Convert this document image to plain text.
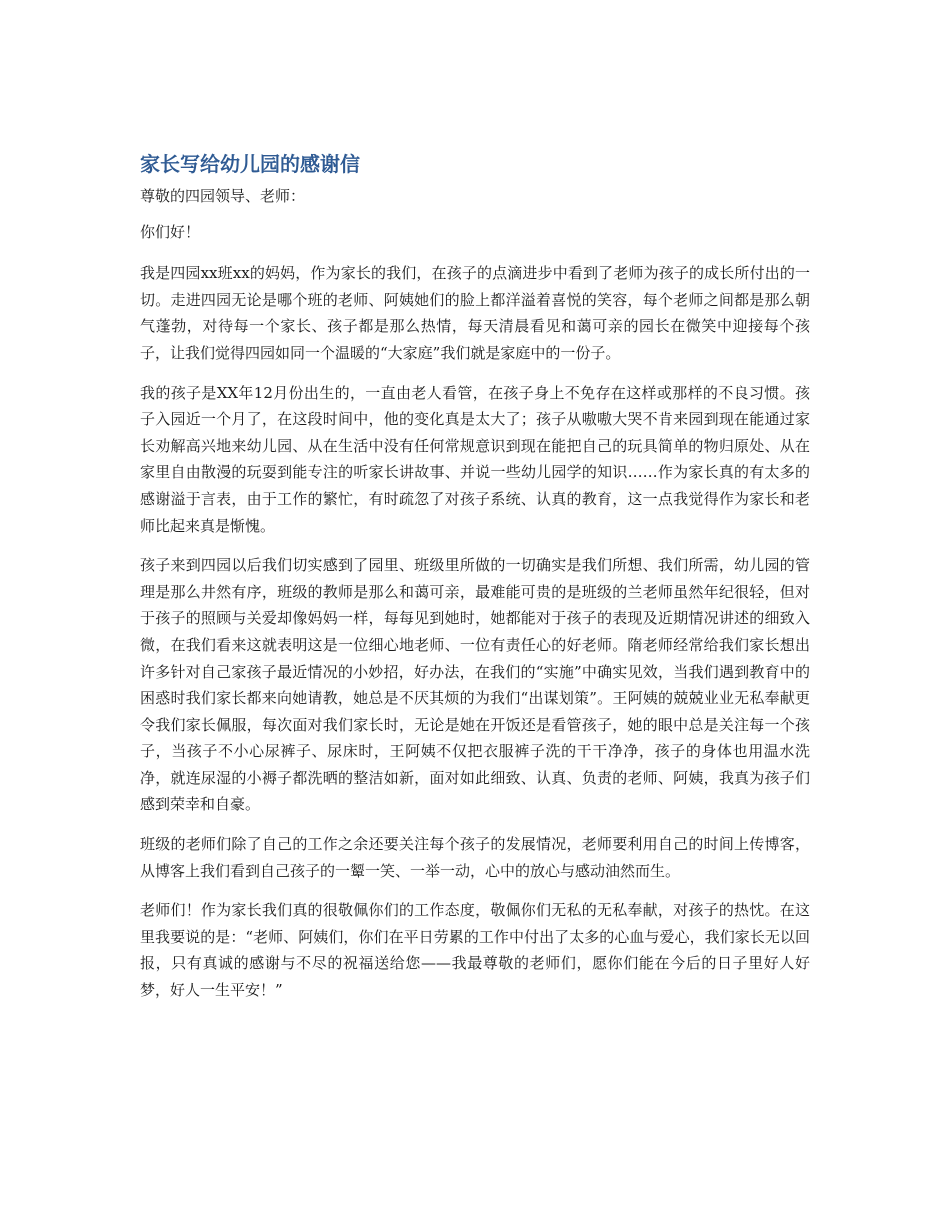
家长写给幼儿园的感谢信

尊敬的四园领导、老师：

你们好！

我是四园xx班xx的妈妈，作为家长的我们，在孩子的点滴进步中看到了老师为孩子的成长所付出的一切。走进四园无论是哪个班的老师、阿姨她们的脸上都洋溢着喜悦的笑容，每个老师之间都是那么朝气蓬勃，对待每一个家长、孩子都是那么热情，每天清晨看见和蔼可亲的园长在微笑中迎接每个孩子，让我们觉得四园如同一个温暖的“大家庭”我们就是家庭中的一份子。

我的孩子是XX年12月份出生的，一直由老人看管，在孩子身上不免存在这样或那样的不良习惯。孩子入园近一个月了，在这段时间中，他的变化真是太大了；孩子从嗷嗷大哭不肯来园到现在能通过家长劝解高兴地来幼儿园、从在生活中没有任何常规意识到现在能把自己的玩具简单的物归原处、从在家里自由散漫的玩耍到能专注的听家长讲故事、并说一些幼儿园学的知识……作为家长真的有太多的感谢溢于言表，由于工作的繁忙，有时疏忽了对孩子系统、认真的教育，这一点我觉得作为家长和老师比起来真是惭愧。

孩子来到四园以后我们切实感到了园里、班级里所做的一切确实是我们所想、我们所需，幼儿园的管理是那么井然有序，班级的教师是那么和蔼可亲，最难能可贵的是班级的兰老师虽然年纪很轻，但对于孩子的照顾与关爱却像妈妈一样，每每见到她时，她都能对于孩子的表现及近期情况讲述的细致入微，在我们看来这就表明这是一位细心地老师、一位有责任心的好老师。隋老师经常给我们家长想出许多针对自己家孩子最近情况的小妙招，好办法，在我们的“实施”中确实见效，当我们遇到教育中的困惑时我们家长都来向她请教，她总是不厌其烦的为我们“出谋划策”。王阿姨的兢兢业业无私奉献更令我们家长佩服，每次面对我们家长时，无论是她在开饭还是看管孩子，她的眼中总是关注每一个孩子，当孩子不小心尿裤子、尿床时，王阿姨不仅把衣服裤子洗的干干净净，孩子的身体也用温水洗净，就连尿湿的小褥子都洗晒的整洁如新，面对如此细致、认真、负责的老师、阿姨，我真为孩子们感到荣幸和自豪。

班级的老师们除了自己的工作之余还要关注每个孩子的发展情况，老师要利用自己的时间上传博客，从博客上我们看到自己孩子的一颦一笑、一举一动，心中的放心与感动油然而生。

老师们！作为家长我们真的很敬佩你们的工作态度，敬佩你们无私的无私奉献，对孩子的热忱。在这里我要说的是：“老师、阿姨们，你们在平日劳累的工作中付出了太多的心血与爱心，我们家长无以回报，只有真诚的感谢与不尽的祝福送给您——我最尊敬的老师们，愿你们能在今后的日子里好人好梦，好人一生平安！”
